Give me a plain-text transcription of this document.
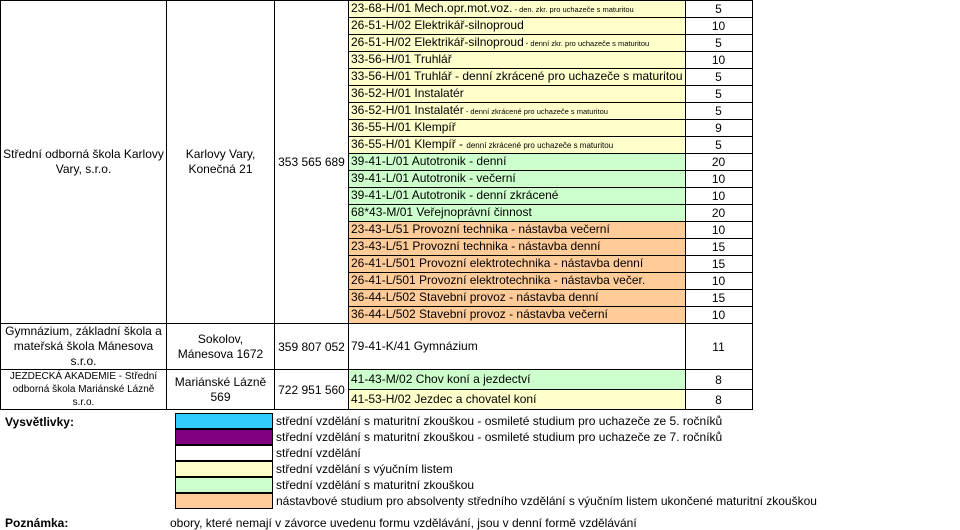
Střední odborná škola Karlovy Vary, s.r.o.	Karlovy Vary, Konečná 21	353 565 689	23-68-H/01 Mech.opr.mot.voz. - den. zkr. pro uchazeče s maturitou	5
			26-51-H/02 Elektrikář-silnoproud	10
			26-51-H/02 Elektrikář-silnoproud - denní zkr. pro uchazeče s maturitou	5
			33-56-H/01 Truhlář	10
			33-56-H/01 Truhlář - denní zkrácené pro uchazeče s maturitou	5
			36-52-H/01 Instalatér	5
			36-52-H/01 Instalatér - denní zkrácené pro uchazeče s maturitou	5
			36-55-H/01 Klempíř	9
			36-55-H/01 Klempíř - denní zkrácené pro uchazeče s maturitou	5
			39-41-L/01 Autotronik - denní	20
			39-41-L/01 Autotronik - večerní	10
			39-41-L/01 Autotronik - denní zkrácené	10
			68*43-M/01 Veřejnoprávní činnost	20
			23-43-L/51 Provozní technika - nástavba večerní	10
			23-43-L/51 Provozní technika - nástavba denní	15
			26-41-L/501 Provozní elektrotechnika - nástavba denní	15
			26-41-L/501 Provozní elektrotechnika - nástavba večer.	10
			36-44-L/502 Stavební provoz - nástavba denní	15
			36-44-L/502 Stavební provoz - nástavba večerní	10
Gymnázium, základní škola a mateřská škola Mánesova s.r.o.	Sokolov, Mánesova 1672	359 807 052	79-41-K/41 Gymnázium	11
JEZDECKÁ AKADEMIE - Střední odborná škola Mariánské Lázně s.r.o.	Mariánské Lázně 569	722 951 560	41-43-M/02 Chov koní a jezdectví	8
			41-53-H/02 Jezdec a chovatel koní	8
Vysvětlivky:	střední vzdělání s maturitní zkouškou - osmileté studium pro uchazeče ze 5. ročníků
střední vzdělání s maturitní zkouškou - osmileté studium pro uchazeče ze 7. ročníků
střední vzdělání
střední vzdělání s výučním listem
střední vzdělání s maturitní zkouškou
nástavbové studium pro absolventy středního vzdělání s výučním listem ukončené maturitní zkouškou
Poznámka:	obory, které nemají v závorce uvedenu formu vzdělávání, jsou v denní formě vzdělávání
